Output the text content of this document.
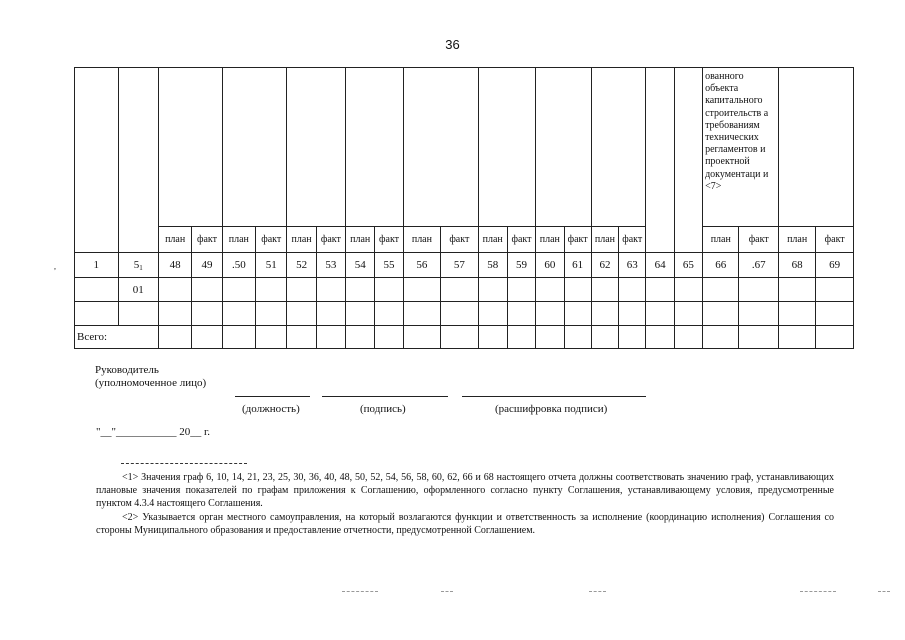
36
,
																				ованного объекта капитального строительств а требованиям технических регламентов и проектной документаци и <7>			
		план	факт	план	факт	план	факт	план	факт	план	факт	план	факт	план	факт	план	факт			план	факт	план	факт
1	$5_1$	48	49	.50	51	52	53	54	55	56	57	58	59	60	61	62	63	64	65	66	.67	68	69
	01																						

Всего:																							
Руководитель
(уполномоченное лицо)
(должность)	(подпись)	(расшифровка подписи)
"__"___________ 20__ г.

<1> Значения граф 6, 10, 14, 21, 23, 25, 30, 36, 40, 48, 50, 52, 54, 56, 58, 60, 62, 66 и 68 настоящего отчета должны соответствовать значению граф, устанавливающих плановые значения показателей по графам приложения к Соглашению, оформленного согласно пункту Соглашения, устанавливающему условия, предусмотренные пунктом 4.3.4 настоящего Соглашения.

<2> Указывается орган местного самоуправления, на который возлагаются функции и ответственность за исполнение (координацию исполнения) Соглашения со стороны Муниципального образования и предоставление отчетности, предусмотренной Соглашением.
